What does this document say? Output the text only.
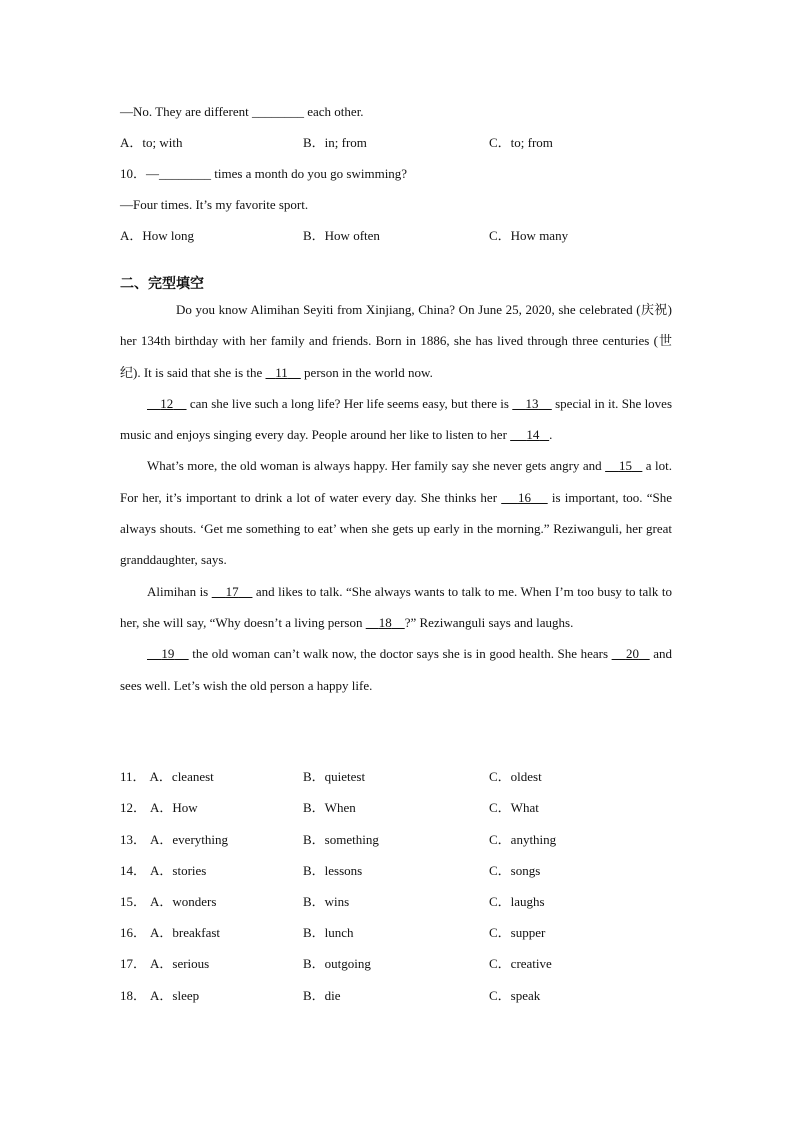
—No. They are different ________ each other.
A．to; with	B．in; from	C．to; from
10．—________ times a month do you go swimming?
—Four times. It’s my favorite sport.
A．How long	B．How often	C．How many
二、完型填空

Do you know Alimihan Seyiti from Xinjiang, China? On June 25, 2020, she celebrated (庆祝) her 134th birthday with her family and friends. Born in 1886, she has lived through three centuries (世纪). It is said that she is the    11     person in the world now.

12     can she live such a long life? Her life seems easy, but there is     13     special in it. She loves music and enjoys singing every day. People around her like to listen to her      14 .

What’s more, the old woman is always happy. Her family say she never gets angry and     15    a lot. For her, it’s important to drink a lot of water every day. She thinks her     16     is important, too. “She always shouts. ‘Get me something to eat’ when she gets up early in the morning.” Reziwanguli, her great granddaughter, says.

Alimihan is     17     and likes to talk. “She always wants to talk to me. When I’m too busy to talk to her, she will say, “Why doesn’t a living person     18 ?” Reziwanguli says and laughs.

19     the old woman can’t walk now, the doctor says she is in good health. She hears     20    and sees well. Let’s wish the old person a happy life.

11． A．cleanest	B．quietest	C．oldest
12． A．How	B．When	C．What
13． A．everything	B．something	C．anything
14． A．stories	B．lessons	C．songs
15． A．wonders	B．wins	C．laughs
16． A．breakfast	B．lunch	C．supper
17． A．serious	B．outgoing	C．creative
18． A．sleep	B．die	C．speak
